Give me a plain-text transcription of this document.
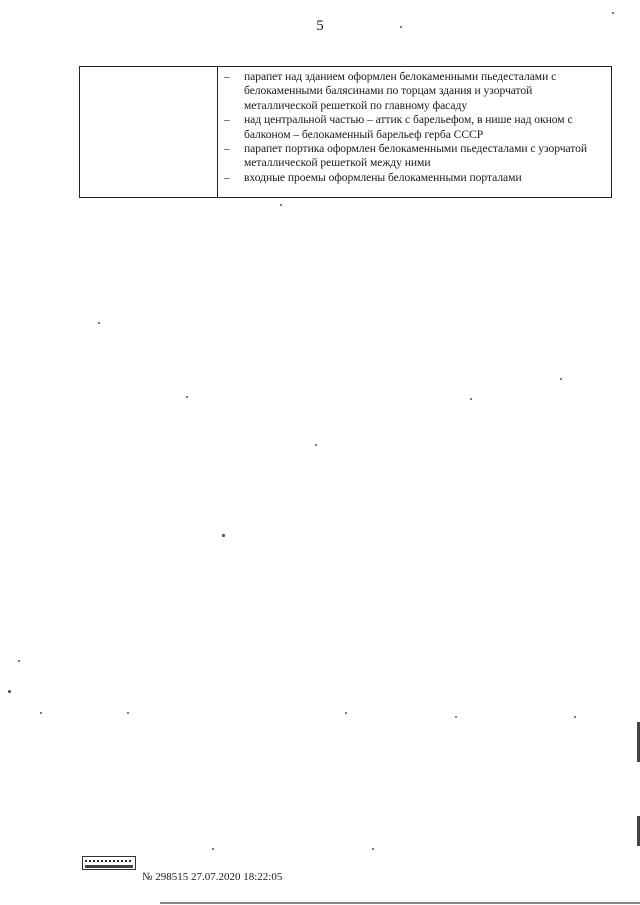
5
– парапет над зданием оформлен белокаменными пьедесталами с белокаменными балясинами по торцам здания и узорчатой металлической решеткой по главному фасаду
– над центральной частью – аттик с барельефом, в нише над окном с балконом – белокаменный барельеф герба СССР
– парапет портика оформлен белокаменными пьедесталами с узорчатой металлической решеткой между ними
– входные проемы оформлены белокаменными порталами
№ 298515 27.07.2020 18:22:05
